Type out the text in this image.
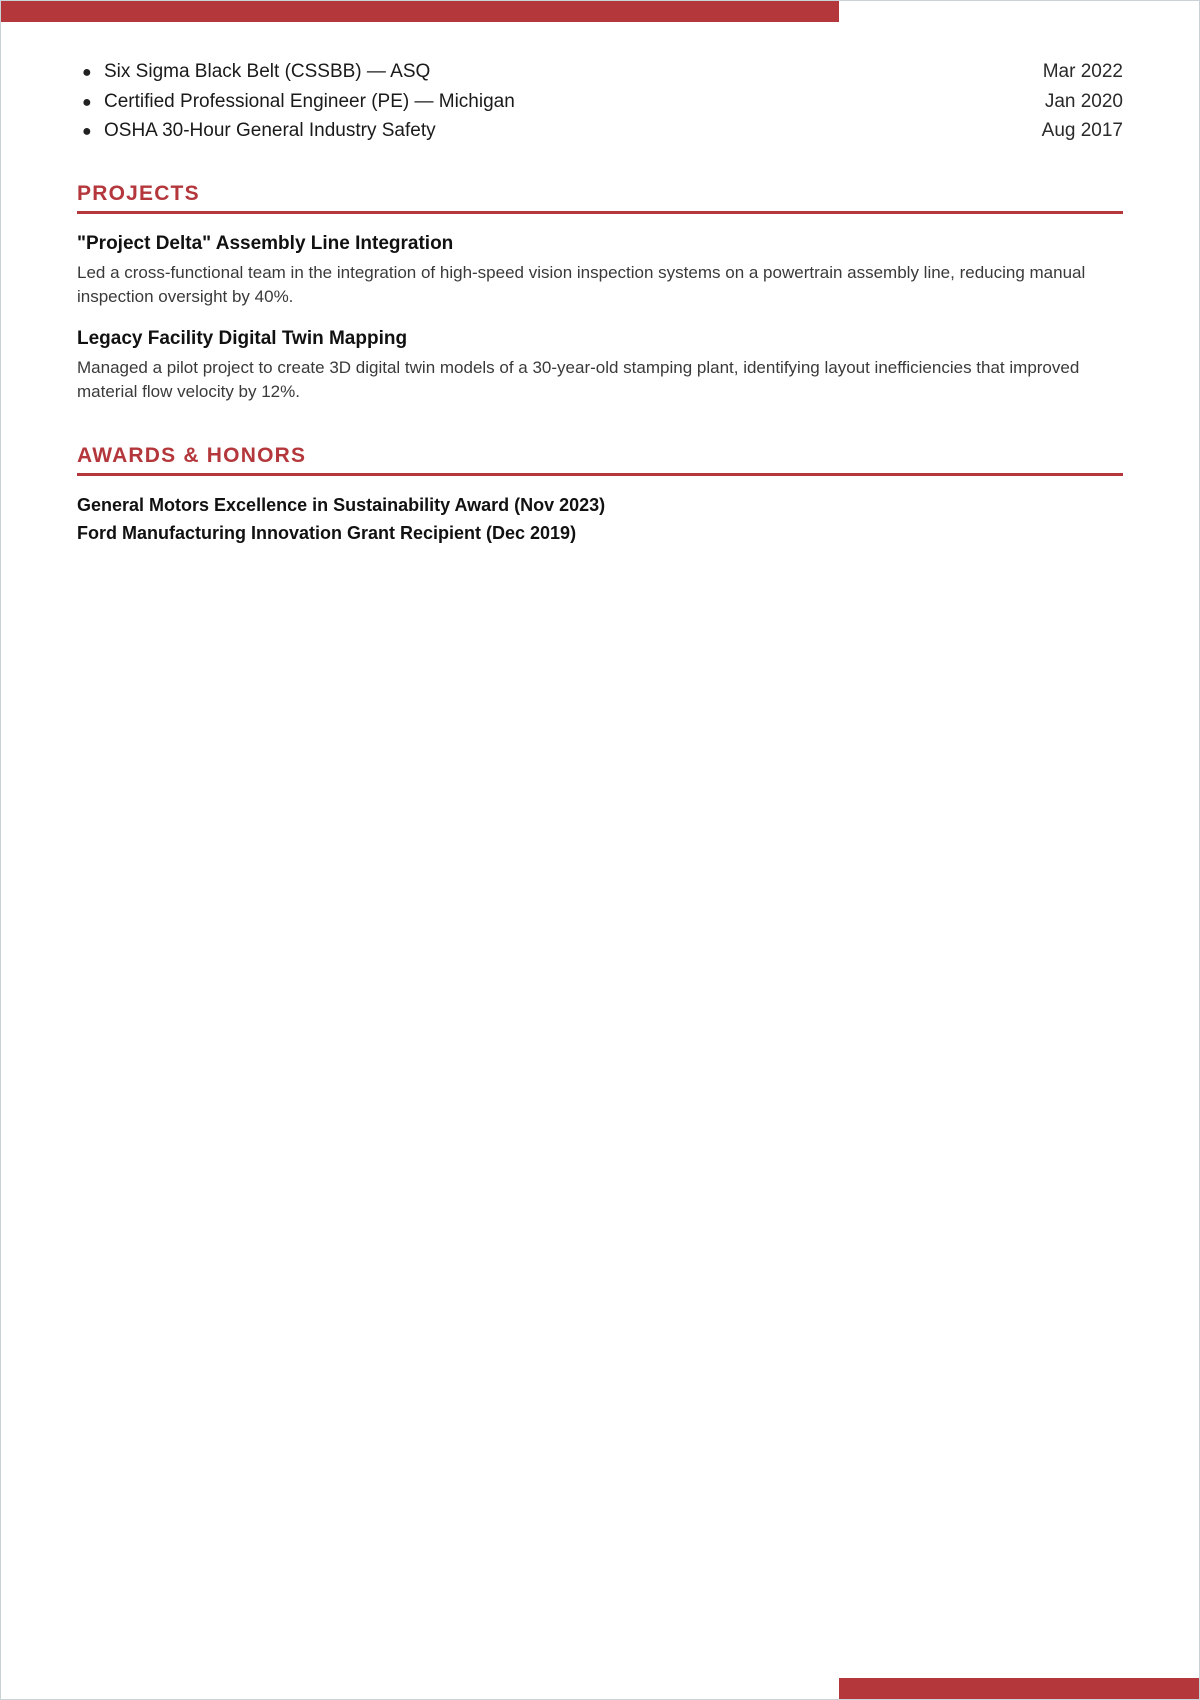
● Six Sigma Black Belt (CSSBB) — ASQ	Mar 2022
● Certified Professional Engineer (PE) — Michigan	Jan 2020
● OSHA 30-Hour General Industry Safety	Aug 2017
PROJECTS
"Project Delta" Assembly Line Integration
Led a cross-functional team in the integration of high-speed vision inspection systems on a powertrain assembly line, reducing manual inspection oversight by 40%.
Legacy Facility Digital Twin Mapping
Managed a pilot project to create 3D digital twin models of a 30-year-old stamping plant, identifying layout inefficiencies that improved material flow velocity by 12%.
AWARDS & HONORS
General Motors Excellence in Sustainability Award (Nov 2023)
Ford Manufacturing Innovation Grant Recipient (Dec 2019)
